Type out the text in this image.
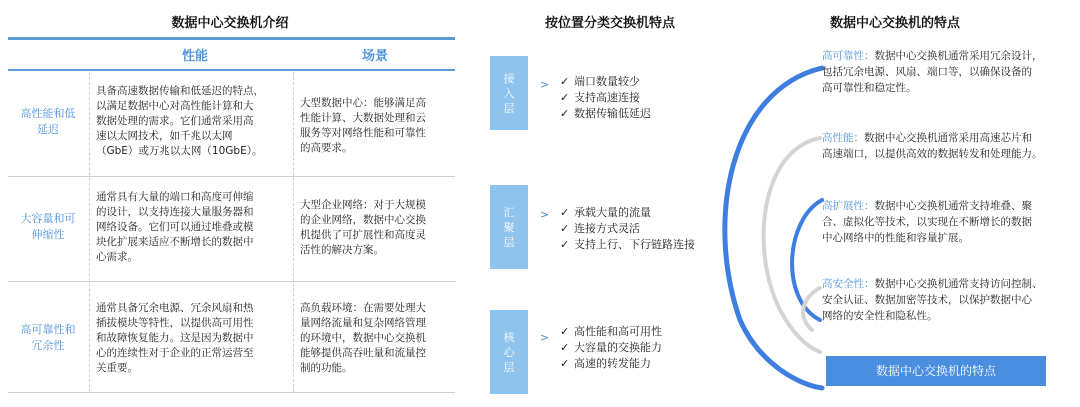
数据中心交换机介绍
性能	场景
高性能和低
延迟
具备高速数据传输和低延迟的特点，
以满足数据中心对高性能计算和大
数据处理的需求。它们通常采用高
速以太网技术，如千兆以太网
（GbE）或万兆以太网（10GbE）。
大型数据中心：能够满足高
性能计算、大数据处理和云
服务等对网络性能和可靠性
的高要求。
大容量和可
伸缩性
通常具有大量的端口和高度可伸缩
的设计，以支持连接大量服务器和
网络设备。它们可以通过堆叠或模
块化扩展来适应不断增长的数据中
心需求。
大型企业网络：对于大规模
的企业网络，数据中心交换
机提供了可扩展性和高度灵
活性的解决方案。
高可靠性和
冗余性
通常具备冗余电源、冗余风扇和热
插拔模块等特性，以提供高可用性
和故障恢复能力。这是因为数据中
心的连续性对于企业的正常运营至
关重要。
高负载环境：在需要处理大
量网络流量和复杂网络管理
的环境中，数据中心交换机
能够提供高吞吐量和流量控
制的功能。
按位置分类交换机特点
接
入
层
> ✓ 端口数量较少
✓ 支持高速连接
✓ 数据传输低延迟
汇
聚
层
> ✓ 承载大量的流量
✓ 连接方式灵活
✓ 支持上行、下行链路连接
核
心
层
> ✓ 高性能和高可用性
✓ 大容量的交换能力
✓ 高速的转发能力
数据中心交换机的特点
高可靠性：数据中心交换机通常采用冗余设计，
包括冗余电源、风扇、端口等，以确保设备的
高可靠性和稳定性。
高性能：数据中心交换机通常采用高速芯片和
高速端口，以提供高效的数据转发和处理能力。
高扩展性：数据中心交换机通常支持堆叠、聚
合、虚拟化等技术，以实现在不断增长的数据
中心网络中的性能和容量扩展。
高安全性：数据中心交换机通常支持访问控制、
安全认证、数据加密等技术，以保护数据中心
网络的安全性和隐私性。
数据中心交换机的特点
